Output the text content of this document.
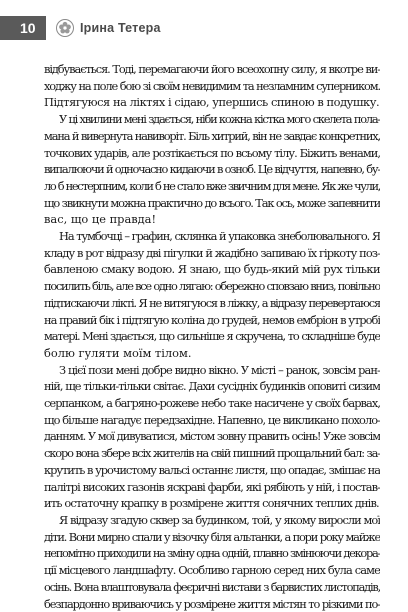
10	Ірина Тетера
відбувається. Тоді, перемагаючи його всеохопну силу, я вкотре ви-
ходжу на поле бою зі своїм невидимим та незламним суперником.
Підтягуюся на ліктях і сідаю, упершись спиною в подушку.
У ці хвилини мені здається, ніби кожна кістка мого скелета пола-
мана й вивернута навиворіт. Біль хитрий, він не завдає конкретних,
точкових ударів, але розтікається по всьому тілу. Біжить венами,
випалюючи й одночасно кидаючи в озноб. Це відчуття, напевно, бу-
ло б нестерпним, коли б не стало вже звичним для мене. Як же чули,
що звикнути можна практично до всього. Так ось, може запевнити
вас, що це правда!
На тумбочці – графин, склянка й упаковка знеболювального. Я
кладу в рот відразу дві пігулки й жадібно запиваю їх гіркоту поз-
бавленою смаку водою. Я знаю, що будь-який мій рух тільки
посилить біль, але все одно лягаю: обережно сповзаю вниз, повільно
підтискаючи лікті. Я не витягуюся в ліжку, а відразу перевертаюся
на правий бік і підтягую коліна до грудей, немов ембріон в утробі
матері. Мені здається, що сильніше я скручена, то складніше буде
болю гуляти моїм тілом.
З цієї пози мені добре видно вікно. У місті – ранок, зовсім ран-
ній, ще тільки-тільки світає. Дахи сусідніх будинків оповиті сизим
серпанком, а багряно-рожеве небо таке насичене у своїх барвах,
що більше нагадує передзахідне. Напевно, це викликано похоло-
данням. У мої дивуватися, містом зовну править осінь! Уже зовсім
скоро вона збере всіх жителів на свій пишний прощальний бал: за-
крутить в урочистому вальсі останнє листя, що опадає, змішає на
палітрі високих газонів яскраві фарби, які рябіють у ній, і постав-
ить остаточну крапку в розмірене життя сонячних теплих днів.
Я відразу згадую сквер за будинком, той, у якому виросли мої
діти. Вони мирно спали у візочку біля альтанки, а пори року майже
непомітно приходили на зміну одна одній, плавно змінюючи декора-
ції місцевого ландшафту. Особливо гарною серед них була саме
осінь. Вона влаштовувала феєричні вистави з барвистих листопадів,
безпардонно вриваючись у розмірене життя містян то різкими по-
